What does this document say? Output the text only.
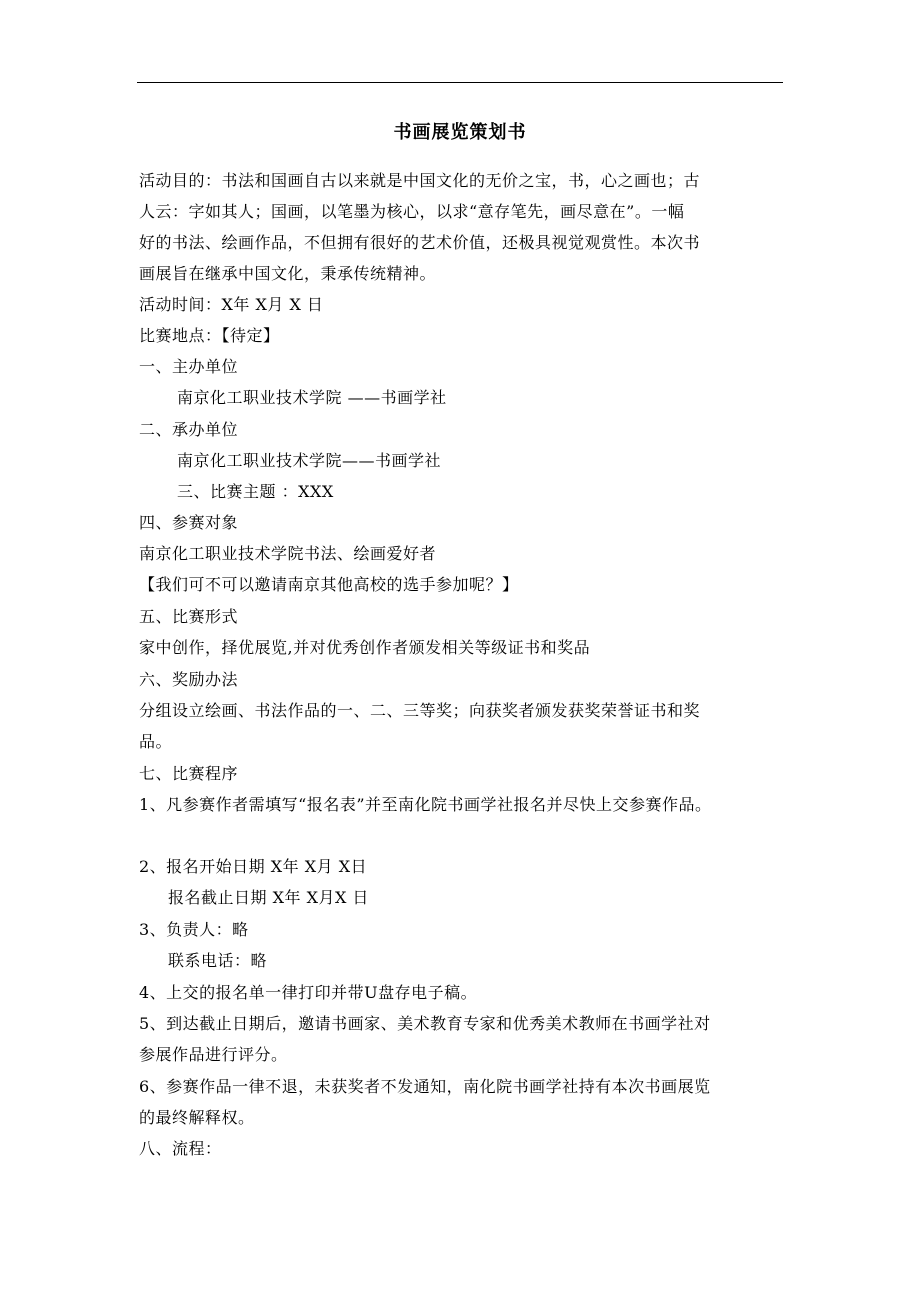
书画展览策划书
活动目的：书法和国画自古以来就是中国文化的无价之宝，书，心之画也；古
人云：字如其人；国画，以笔墨为核心，以求“意存笔先，画尽意在”。一幅
好的书法、绘画作品，不但拥有很好的艺术价值，还极具视觉观赏性。本次书
画展旨在继承中国文化，秉承传统精神。
活动时间：X年 X月 X 日
比赛地点：【待定】
一、主办单位
南京化工职业技术学院 ——书画学社
二、承办单位
南京化工职业技术学院——书画学社
三、比赛主题 ：XXX
四、参赛对象
南京化工职业技术学院书法、绘画爱好者
【我们可不可以邀请南京其他高校的选手参加呢？】
五、比赛形式
家中创作，择优展览,并对优秀创作者颁发相关等级证书和奖品
六、奖励办法
分组设立绘画、书法作品的一、二、三等奖；向获奖者颁发获奖荣誉证书和奖
品。
七、比赛程序
1、凡参赛作者需填写“报名表”并至南化院书画学社报名并尽快上交参赛作品。
2、报名开始日期 X年 X月 X日
报名截止日期 X年 X月X 日
3、负责人：略
联系电话：略
4、上交的报名单一律打印并带U盘存电子稿。
5、到达截止日期后，邀请书画家、美术教育专家和优秀美术教师在书画学社对
参展作品进行评分。
6、参赛作品一律不退，未获奖者不发通知，南化院书画学社持有本次书画展览
的最终解释权。
八、流程：
